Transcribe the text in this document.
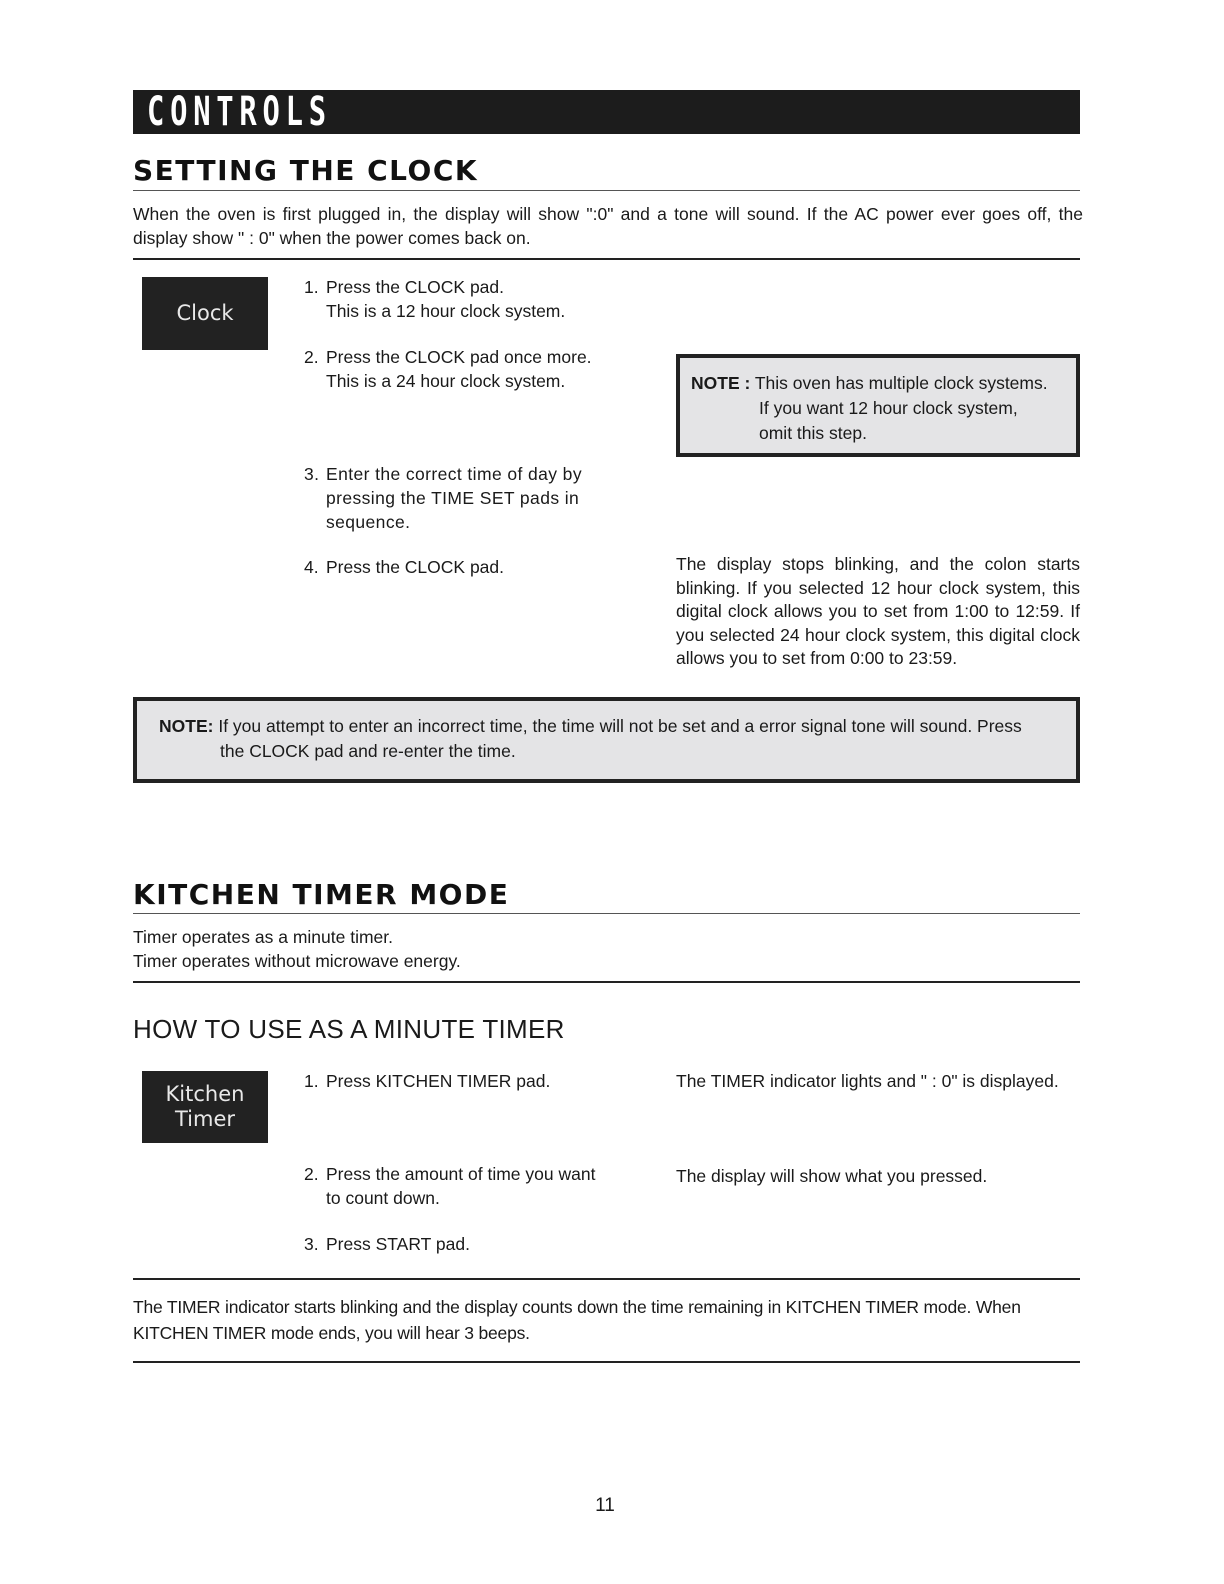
CONTROLS
SETTING THE CLOCK

When the oven is first plugged in, the display will show ":0" and a tone will sound. If the AC power ever goes off, the display show " : 0" when the power comes back on.

Clock
1. Press the CLOCK pad.
This is a 12 hour clock system.
2. Press the CLOCK pad once more.
This is a 24 hour clock system.	NOTE : This oven has multiple clock systems.
If you want 12 hour clock system,
omit this step.
3. Enter the correct time of day by
pressing the TIME SET pads in
sequence.
4. Press the CLOCK pad.	The display stops blinking, and the colon starts blinking. If you selected 12 hour clock system, this digital clock allows you to set from 1:00 to 12:59. If you selected 24 hour clock system, this digital clock allows you to set from 0:00 to 23:59.

NOTE: If you attempt to enter an incorrect time, the time will not be set and a error signal tone will sound. Press
the CLOCK pad and re-enter the time.
KITCHEN TIMER MODE
Timer operates as a minute timer.
Timer operates without microwave energy.
HOW TO USE AS A MINUTE TIMER
Kitchen
Timer
1. Press KITCHEN TIMER pad.	The TIMER indicator lights and " : 0" is displayed.
2. Press the amount of time you want
to count down.
The display will show what you pressed.
3. Press START pad.

The TIMER indicator starts blinking and the display counts down the time remaining in KITCHEN TIMER mode. When KITCHEN TIMER mode ends, you will hear 3 beeps.

11
